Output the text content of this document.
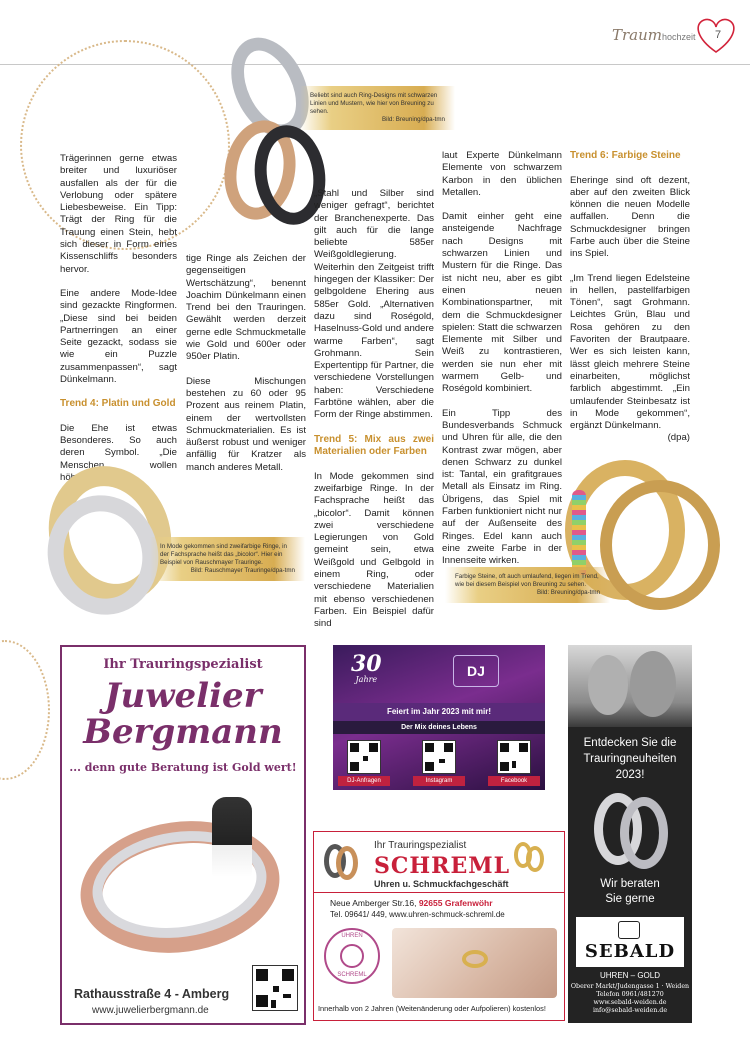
Traumhochzeit 7
Beliebt sind auch Ring-Designs mit schwarzen Linien und Mustern, wie hier von Breuning zu sehen.
Bild: Breuning/dpa-tmn

Trägerinnen gerne etwas breiter und luxuriöser ausfallen als der für die Verlobung oder spätere Liebesbeweise. Ein Tipp: Trägt der Ring für die Trauung einen Stein, hebt sich dieser in Form eines Kissenschliffs besonders hervor.

Eine andere Mode-Idee sind gezackte Ringformen. „Diese sind bei beiden Partnerringen an einer Seite gezackt, sodass sie wie ein Puzzle zusammenpassen“, sagt Dünkelmann.

Trend 4: Platin und Gold

Die Ehe ist etwas Besonderes. So auch deren Symbol. „Die Menschen wollen höherwer-

tige Ringe als Zeichen der gegenseitigen Wertschätzung“, benennt Joachim Dünkelmann einen Trend bei den Trauringen. Gewählt werden derzeit gerne edle Schmuckmetalle wie Gold und 600er oder 950er Platin.

Diese Mischungen bestehen zu 60 oder 95 Prozent aus reinem Platin, einem der wertvollsten Schmuckmaterialien. Es ist äußerst robust und weniger anfällig für Kratzer als manch anderes Metall.

„Stahl und Silber sind weniger gefragt“, berichtet der Branchenexperte. Das gilt auch für die lange beliebte 585er Weißgoldlegierung. Weiterhin den Zeitgeist trifft hingegen der Klassiker: Der gelbgoldene Ehering aus 585er Gold. „Alternativen dazu sind Roségold, Haselnuss-Gold und andere warme Farben“, sagt Grohmann. Sein Expertentipp für Partner, die verschiedene Vorstellungen haben: Verschiedene Farbtöne wählen, aber die Form der Ringe abstimmen.

Trend 5: Mix aus zwei Materialien oder Farben

In Mode gekommen sind zweifarbige Ringe. In der Fachsprache heißt das „bicolor“. Damit können zwei verschiedene Legierungen von Gold gemeint sein, etwa Weißgold und Gelbgold in einem Ring, oder verschiedene Materialien mit ebenso verschiedenen Farben. Ein Beispiel dafür sind

laut Experte Dünkelmann Elemente von schwarzem Karbon in den üblichen Metallen.

Damit einher geht eine ansteigende Nachfrage nach Designs mit schwarzen Linien und Mustern für die Ringe. Das ist nicht neu, aber es gibt einen neuen Kombinationspartner, mit dem die Schmuckdesigner spielen: Statt die schwarzen Elemente mit Silber und Weiß zu kontrastieren, werden sie nun eher mit warmem Gelb- und Roségold kombiniert.

Ein Tipp des Bundesverbands Schmuck und Uhren für alle, die den Kontrast zwar mögen, aber denen Schwarz zu dunkel ist: Tantal, ein grafitgraues Metall als Einsatz im Ring. Übrigens, das Spiel mit Farben funktioniert nicht nur auf der Außenseite des Ringes. Edel kann auch eine zweite Farbe in der Innenseite wirken.

Trend 6: Farbige Steine

Eheringe sind oft dezent, aber auf den zweiten Blick können die neuen Modelle auffallen. Denn die Schmuckdesigner bringen Farbe auch über die Steine ins Spiel.

„Im Trend liegen Edelsteine in hellen, pastellfarbigen Tönen“, sagt Grohmann. Leichtes Grün, Blau und Rosa gehören zu den Favoriten der Brautpaare. Wer es sich leisten kann, lässt gleich mehrere Steine einarbeiten, möglichst farblich abgestimmt. „Ein umlaufender Steinbesatz ist in Mode gekommen“, ergänzt Dünkelmann.

(dpa)
In Mode gekommen sind zweifarbige Ringe, in der Fachsprache heißt das „bicolor“. Hier ein Beispiel von Rauschmayer Trauringe.
Bild: Rauschmayer Trauringe/dpa-tmn
Farbige Steine, oft auch umlaufend, liegen im Trend, wie bei diesem Beispiel von Breuning zu sehen.
Bild: Breuning/dpa-tmn
Ihr Trauringspezialist
Juwelier
Bergmann
... denn gute Beratung ist Gold wert!
Rathausstraße 4 - Amberg
www.juwelierbergmann.de
30
Jahre
DJ
Feiert im Jahr 2023 mit mir!
Der Mix deines Lebens
DJ-Anfragen	Instagram	Facebook
Ihr Trauringspezialist
SCHREML
Uhren u. Schmuckfachgeschäft
Neue Amberger Str.16, 92655 Grafenwöhr
Tel. 09641/ 449, www.uhren-schmuck-schreml.de
UHREN
SCHREML
Innerhalb von 2 Jahren (Weitenänderung oder Aufpolieren) kostenlos!
Entdecken Sie die
Trauringneuheiten
2023!
Wir beraten
Sie gerne
SEBALD
UHREN – GOLD
Oberer Markt/Judengasse 1 · Weiden
Telefon 0961/481270
www.sebald-weiden.de
info@sebald-weiden.de
